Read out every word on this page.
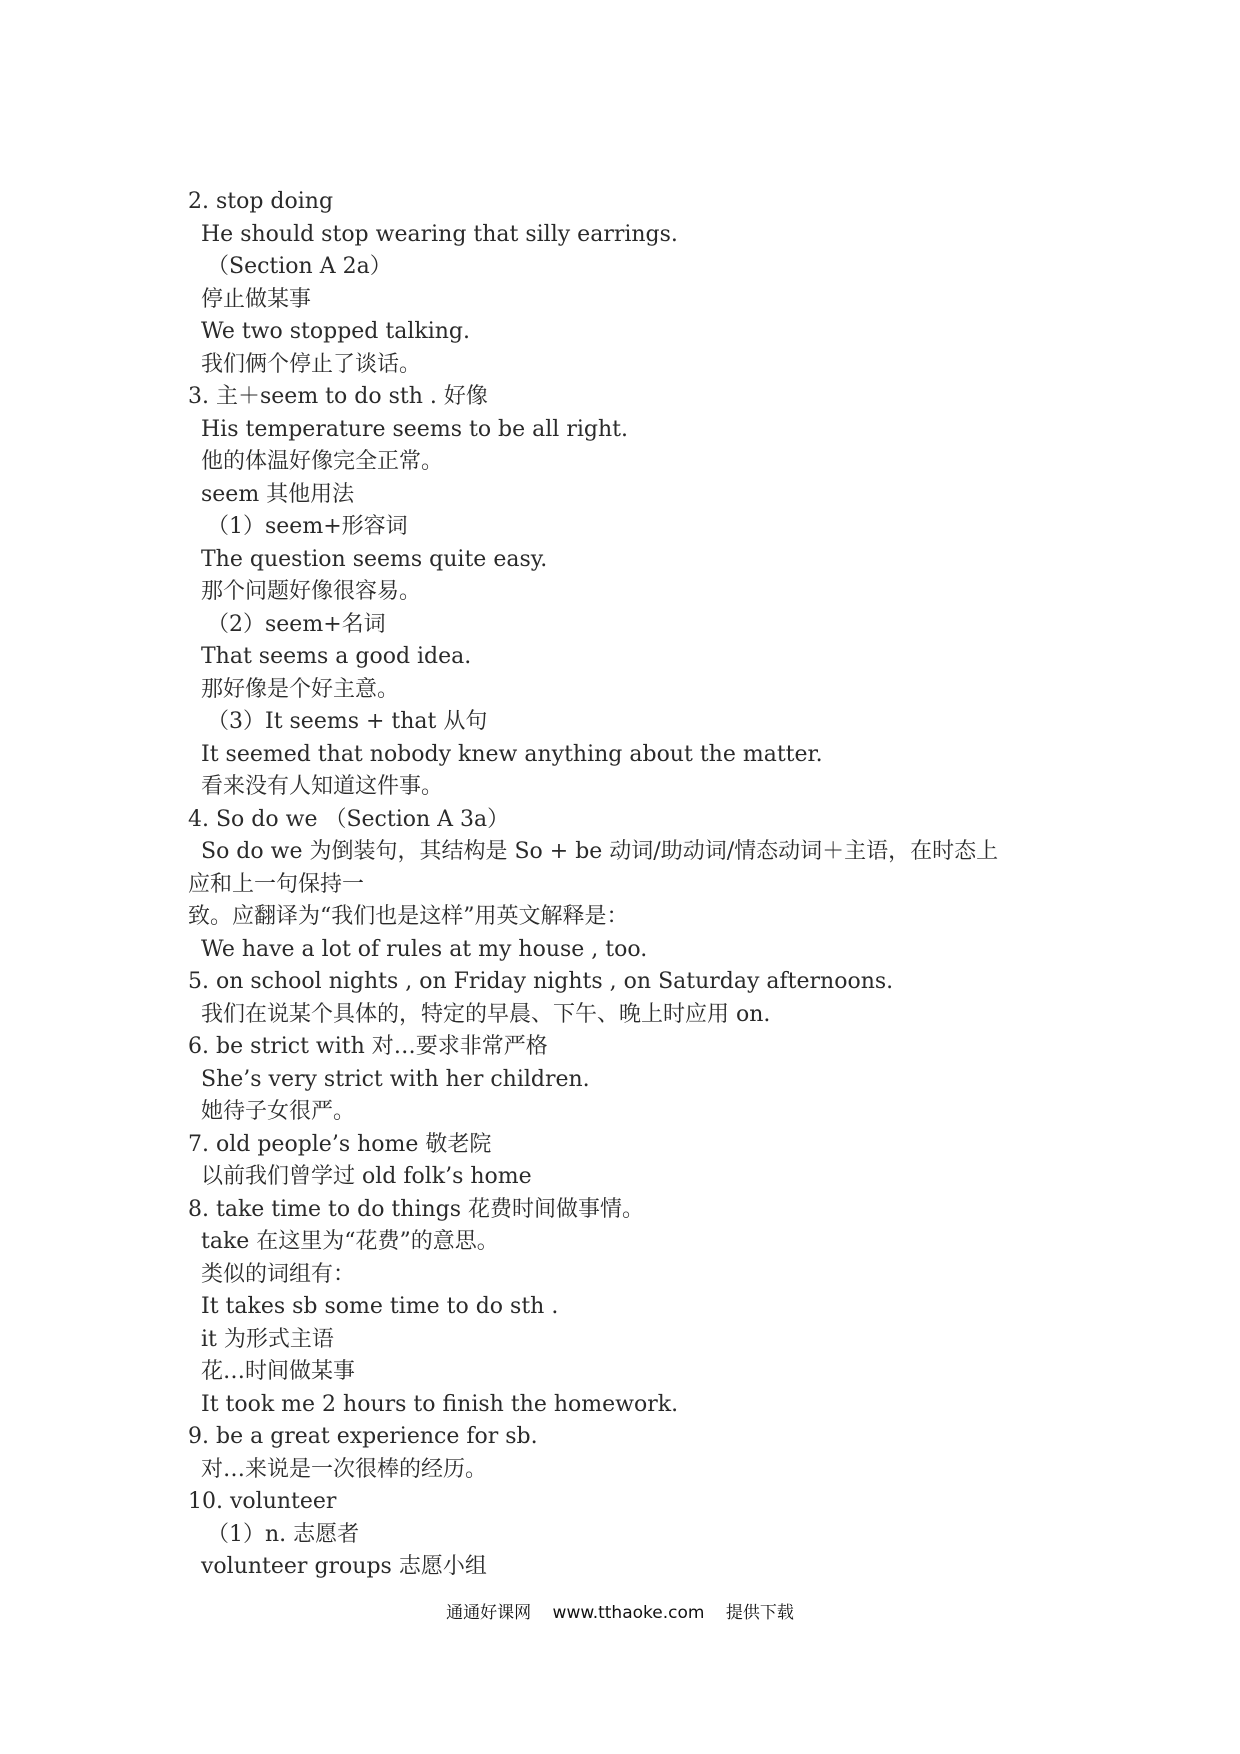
2. stop doing
He should stop wearing that silly earrings.
（Section A 2a）
停止做某事
We two stopped talking.
我们俩个停止了谈话。
3. 主＋seem to do sth . 好像
His temperature seems to be all right.
他的体温好像完全正常。
seem 其他用法
（1）seem+形容词
The question seems quite easy.
那个问题好像很容易。
（2）seem+名词
That seems a good idea.
那好像是个好主意。
（3）It seems + that 从句
It seemed that nobody knew anything about the matter.
看来没有人知道这件事。
4. So do we （Section A 3a）
So do we 为倒装句，其结构是 So + be 动词/助动词/情态动词＋主语，在时态上
应和上一句保持一
致。应翻译为“我们也是这样”用英文解释是：
We have a lot of rules at my house , too.
5. on school nights , on Friday nights , on Saturday afternoons.
我们在说某个具体的，特定的早晨、下午、晚上时应用 on.
6. be strict with 对…要求非常严格
She’s very strict with her children.
她待子女很严。
7. old people’s home 敬老院
以前我们曾学过 old folk’s home
8. take time to do things 花费时间做事情。
take 在这里为“花费”的意思。
类似的词组有：
It takes sb some time to do sth .
it 为形式主语
花…时间做某事
It took me 2 hours to finish the homework.
9. be a great experience for sb.
对…来说是一次很棒的经历。
10. volunteer
（1）n. 志愿者
volunteer groups 志愿小组
通通好课网 www.tthaoke.com 提供下载
